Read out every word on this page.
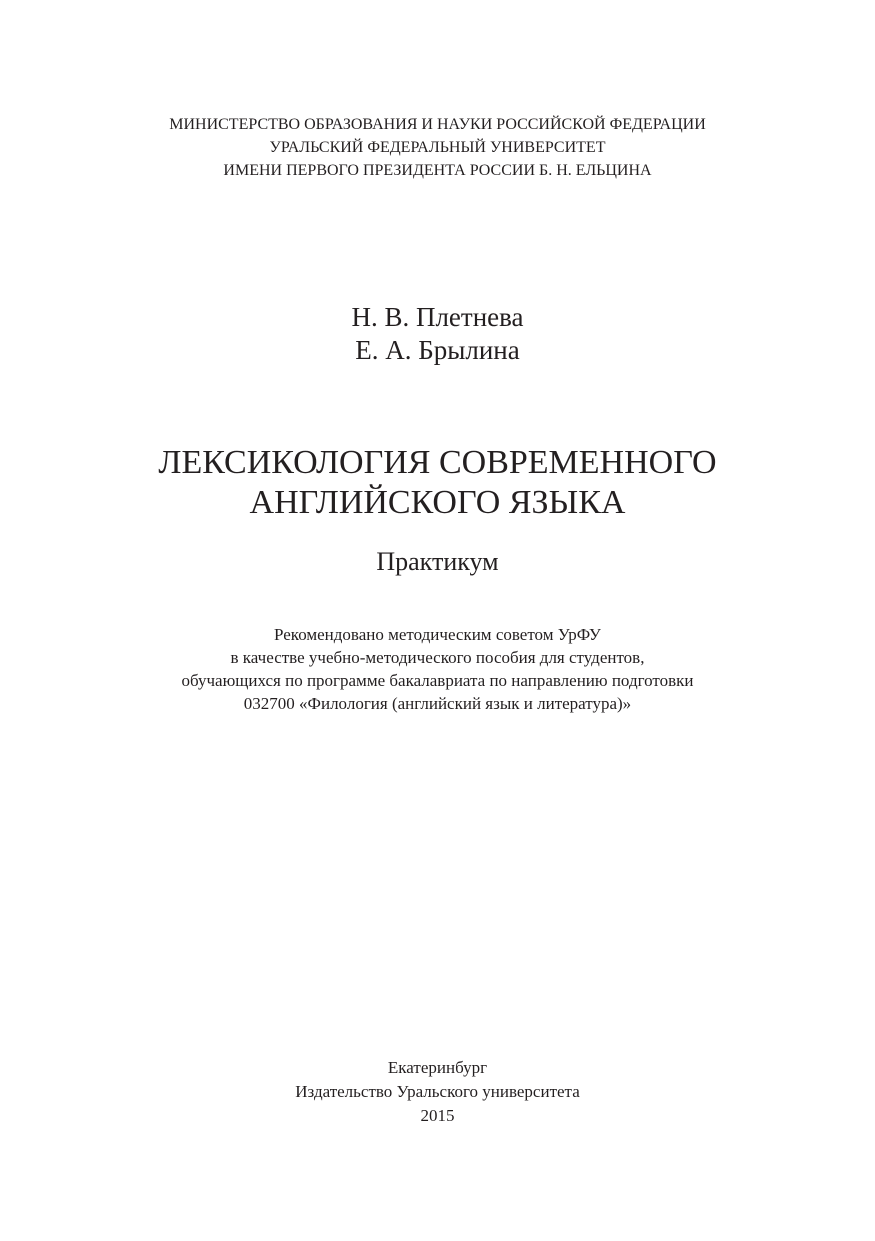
МИНИСТЕРСТВО ОБРАЗОВАНИЯ И НАУКИ РОССИЙСКОЙ ФЕДЕРАЦИИ
УРАЛЬСКИЙ ФЕДЕРАЛЬНЫЙ УНИВЕРСИТЕТ
ИМЕНИ ПЕРВОГО ПРЕЗИДЕНТА РОССИИ Б. Н. ЕЛЬЦИНА
Н. В. Плетнева
Е. А. Брылина
ЛЕКСИКОЛОГИЯ СОВРЕМЕННОГО
АНГЛИЙСКОГО ЯЗЫКА
Практикум
Рекомендовано методическим советом УрФУ
в качестве учебно-методического пособия для студентов,
обучающихся по программе бакалавриата по направлению подготовки
032700 «Филология (английский язык и литература)»
Екатеринбург
Издательство Уральского университета
2015
